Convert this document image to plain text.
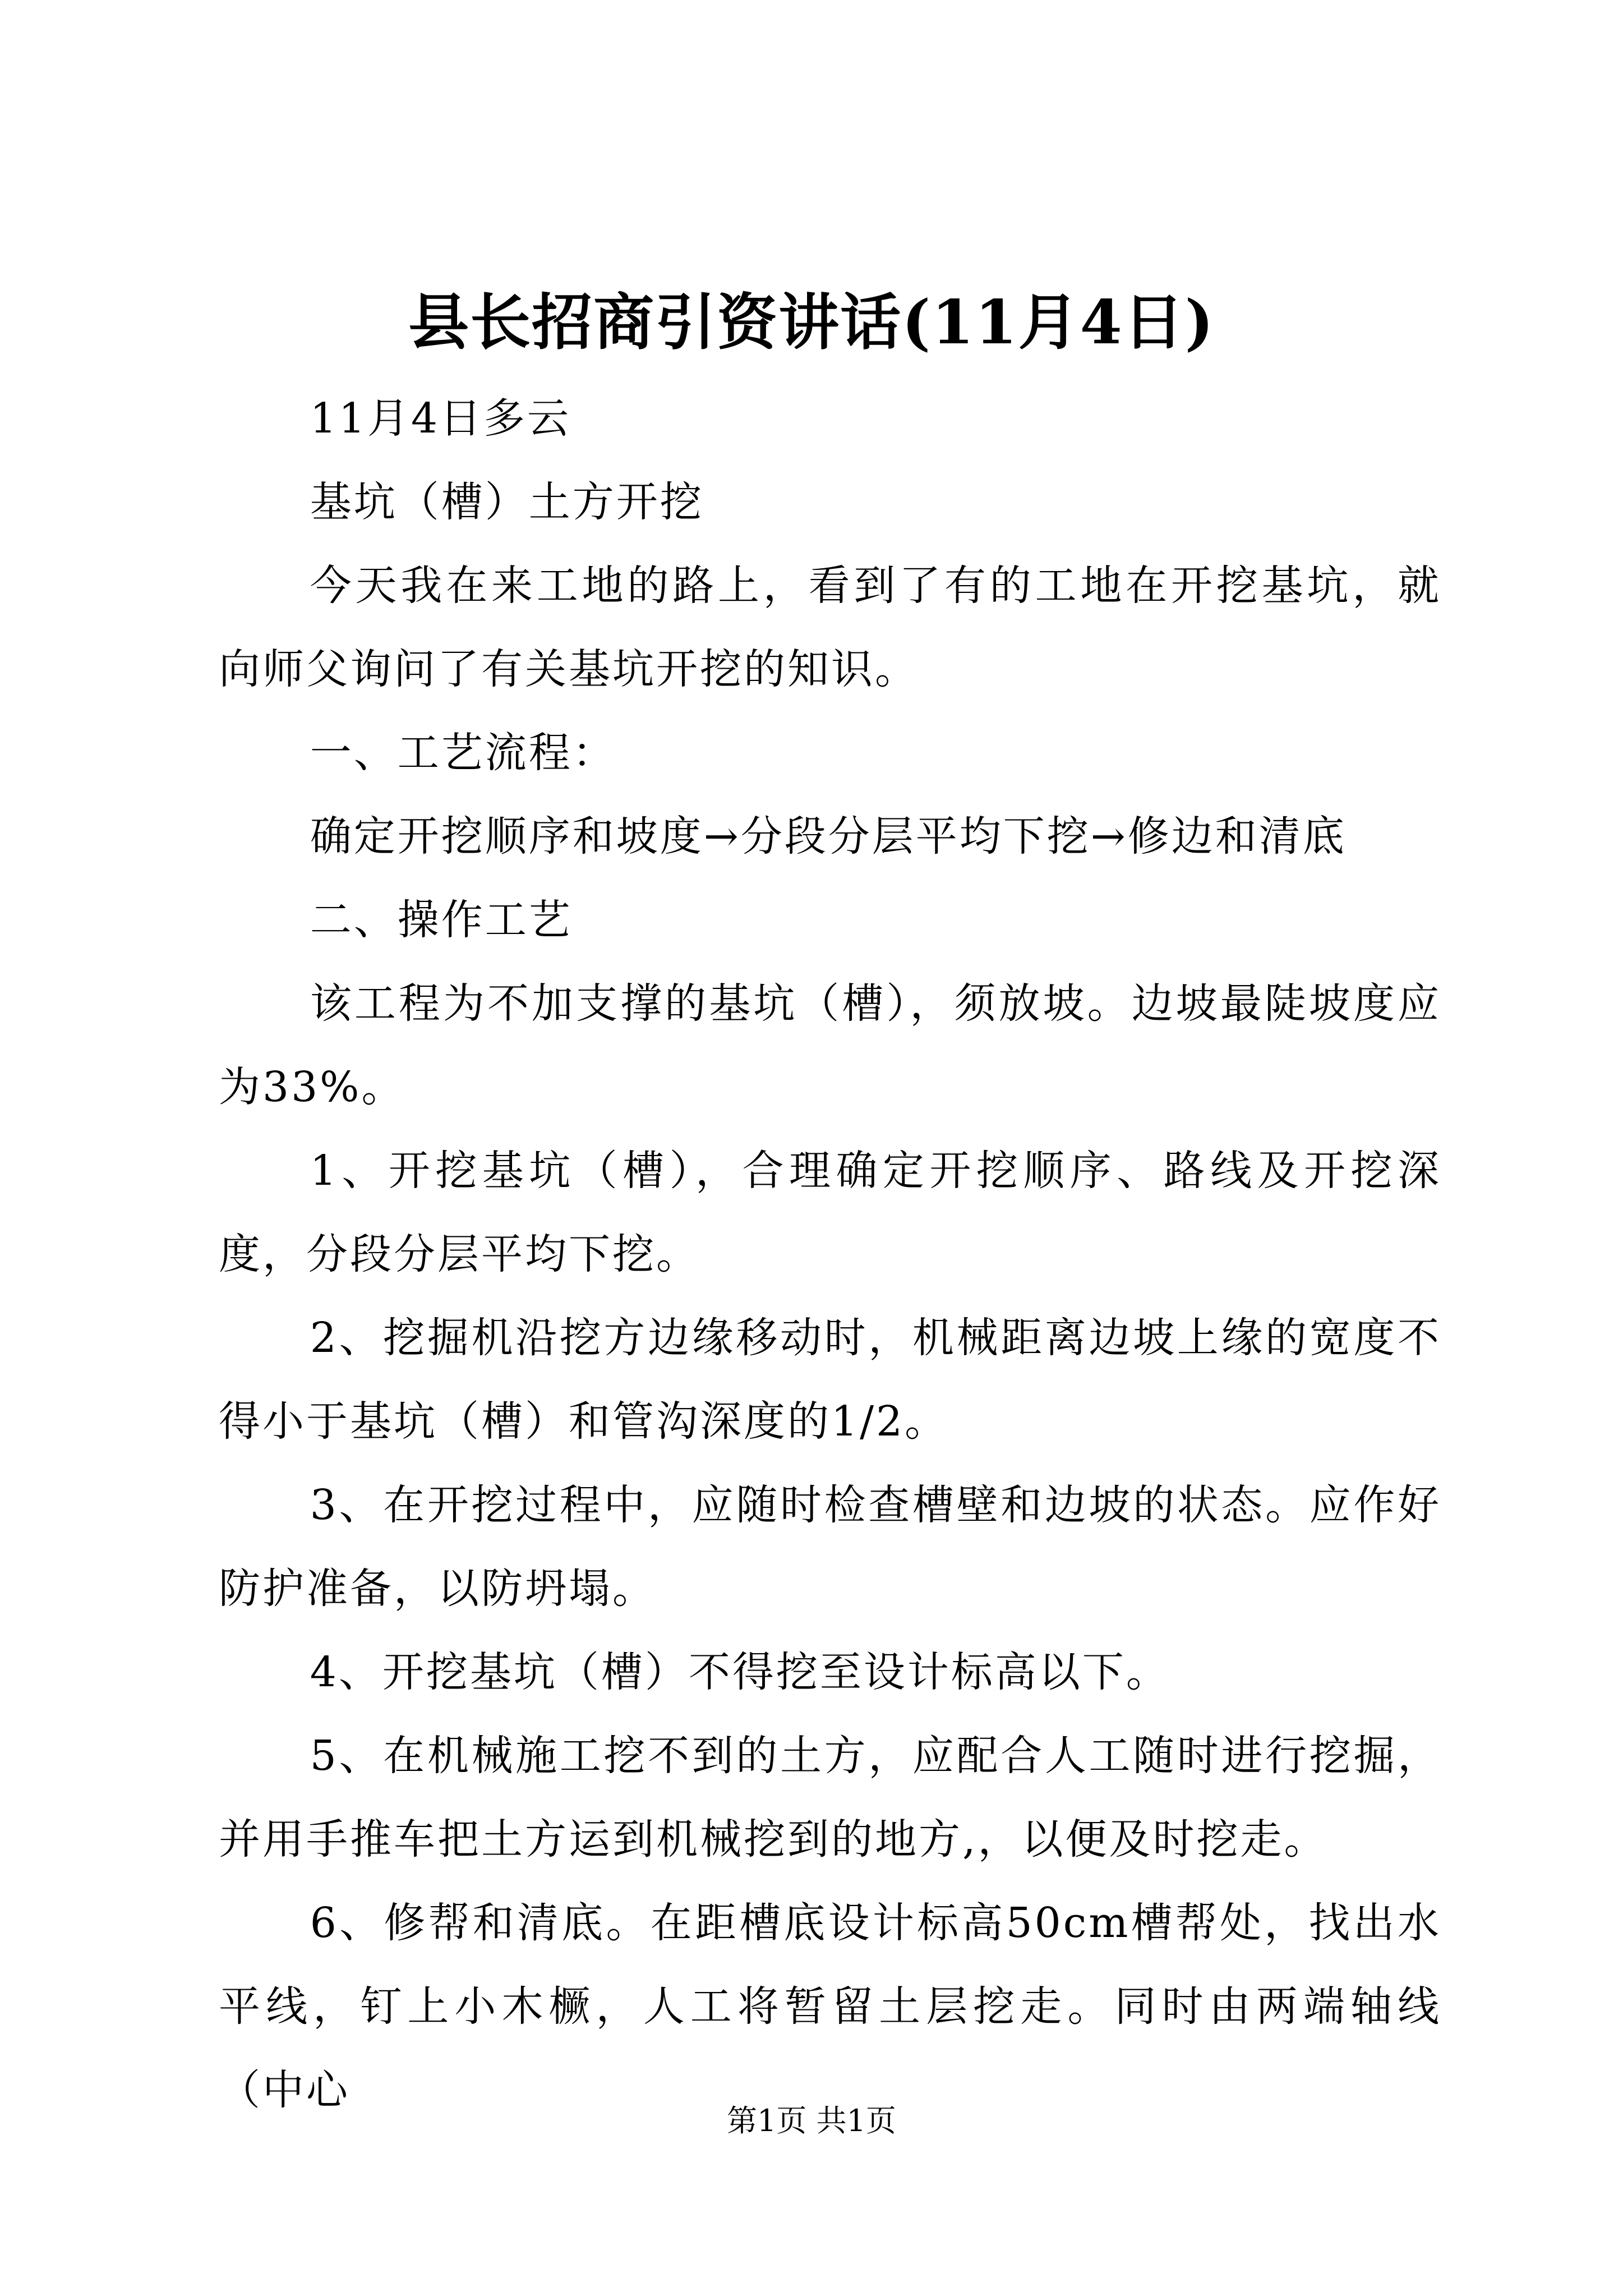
县长招商引资讲话(11月4日)

11月4日多云

基坑（槽）土方开挖

今天我在来工地的路上，看到了有的工地在开挖基坑，就向师父询问了有关基坑开挖的知识。

一、工艺流程：

确定开挖顺序和坡度→分段分层平均下挖→修边和清底

二、操作工艺

该工程为不加支撑的基坑（槽），须放坡。边坡最陡坡度应为33%。

1、开挖基坑（槽），合理确定开挖顺序、路线及开挖深度，分段分层平均下挖。

2、挖掘机沿挖方边缘移动时，机械距离边坡上缘的宽度不得小于基坑（槽）和管沟深度的1/2。

3、在开挖过程中，应随时检查槽壁和边坡的状态。应作好防护准备，以防坍塌。

4、开挖基坑（槽）不得挖至设计标高以下。

5、在机械施工挖不到的土方，应配合人工随时进行挖掘，并用手推车把土方运到机械挖到的地方,，以便及时挖走。

6、修帮和清底。在距槽底设计标高50cm槽帮处，找出水平线，钉上小木橛，人工将暂留土层挖走。同时由两端轴线（中心

第1页 共1页
